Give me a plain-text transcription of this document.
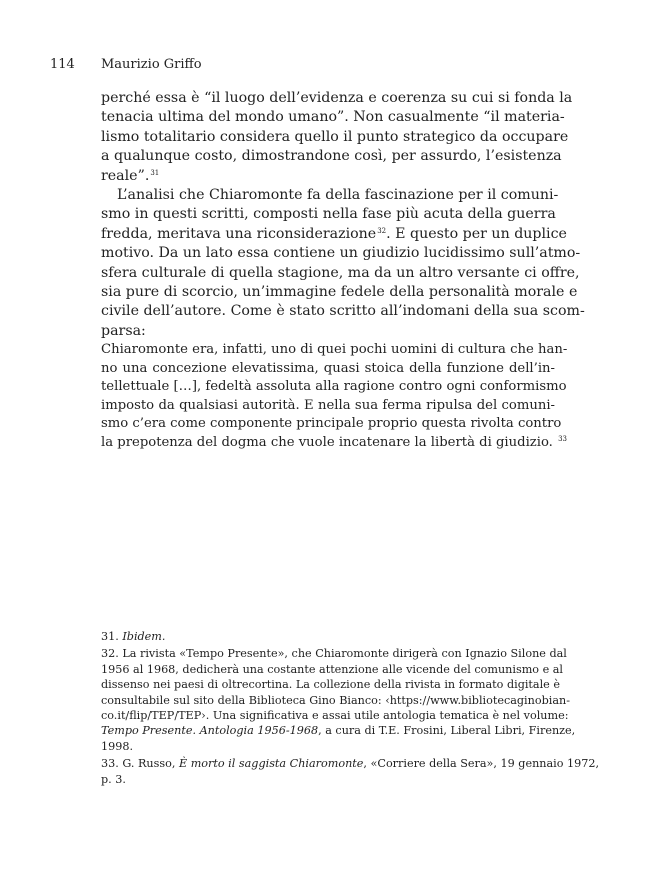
114 Maurizio Griffo

perché essa è “il luogo dell’evidenza e coerenza su cui si fonda la

tenacia ultima del mondo umano”. Non casualmente “il materia-

lismo totalitario considera quello il punto strategico da occupare

a qualunque costo, dimostrandone così, per assurdo, l’esistenza

reale”.$^{31}$

L’analisi che Chiaromonte fa della fascinazione per il comuni-

smo in questi scritti, composti nella fase più acuta della guerra

fredda, meritava una riconsiderazione$^{32}$. E questo per un duplice

motivo. Da un lato essa contiene un giudizio lucidissimo sull’atmo-

sfera culturale di quella stagione, ma da un altro versante ci offre,

sia pure di scorcio, un’immagine fedele della personalità morale e

civile dell’autore. Come è stato scritto all’indomani della sua scom-

parsa:

Chiaromonte era, infatti, uno di quei pochi uomini di cultura che han-

no una concezione elevatissima, quasi stoica della funzione dell’in-

tellettuale […], fedeltà assoluta alla ragione contro ogni conformismo

imposto da qualsiasi autorità. E nella sua ferma ripulsa del comuni-

smo c’era come componente principale proprio questa rivolta contro

la prepotenza del dogma che vuole incatenare la libertà di giudizio. $^{33}$

31. Ibidem.

32. La rivista «Tempo Presente», che Chiaromonte dirigerà con Ignazio Silone dal

1956 al 1968, dedicherà una costante attenzione alle vicende del comunismo e al

dissenso nei paesi di oltrecortina. La collezione della rivista in formato digitale è

consultabile sul sito della Biblioteca Gino Bianco: ‹https://www.bibliotecaginobian-

co.it/flip/TEP/TEP›. Una significativa e assai utile antologia tematica è nel volume:

Tempo Presente. Antologia 1956-1968, a cura di T.E. Frosini, Liberal Libri, Firenze,

1998.

33. G. Russo, È morto il saggista Chiaromonte, «Corriere della Sera», 19 gennaio 1972,

p. 3.
